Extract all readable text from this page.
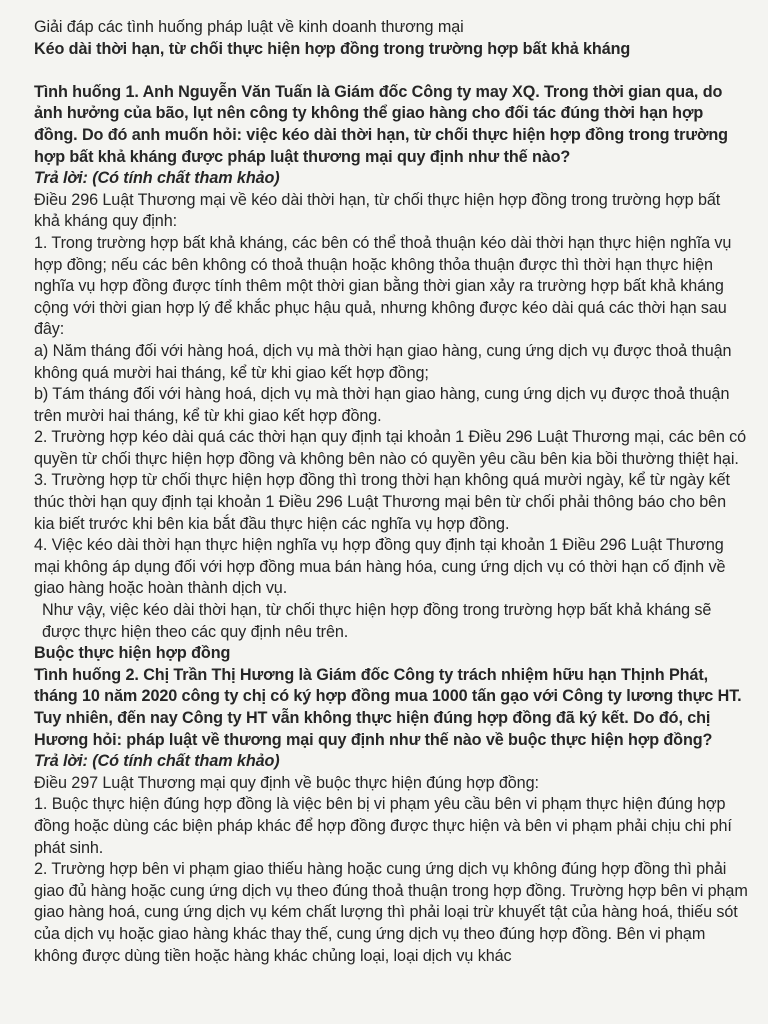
Giải đáp các tình huống pháp luật về kinh doanh thương mại

Kéo dài thời hạn, từ chối thực hiện hợp đồng trong trường hợp bất khả kháng

Tình huống 1. Anh Nguyễn Văn Tuấn là Giám đốc Công ty may XQ. Trong thời gian qua, do ảnh hưởng của bão, lụt nên công ty không thể giao hàng cho đối tác đúng thời hạn hợp đồng. Do đó anh muốn hỏi: việc kéo dài thời hạn, từ chối thực hiện hợp đồng trong trường hợp bất khả kháng được pháp luật thương mại quy định như thế nào?

Trả lời: (Có tính chất tham khảo)

Điều 296 Luật Thương mại về kéo dài thời hạn, từ chối thực hiện hợp đồng trong trường hợp bất khả kháng quy định:

1. Trong trường hợp bất khả kháng, các bên có thể thoả thuận kéo dài thời hạn thực hiện nghĩa vụ hợp đồng; nếu các bên không có thoả thuận hoặc không thỏa thuận được thì thời hạn thực hiện nghĩa vụ hợp đồng được tính thêm một thời gian bằng thời gian xảy ra trường hợp bất khả kháng cộng với thời gian hợp lý để khắc phục hậu quả, nhưng không được kéo dài quá các thời hạn sau đây:

a) Năm tháng đối với hàng hoá, dịch vụ mà thời hạn giao hàng, cung ứng dịch vụ được thoả thuận không quá mười hai tháng, kể từ khi giao kết hợp đồng;

b) Tám tháng đối với hàng hoá, dịch vụ mà thời hạn giao hàng, cung ứng dịch vụ được thoả thuận trên mười hai tháng, kể từ khi giao kết hợp đồng.

2. Trường hợp kéo dài quá các thời hạn quy định tại khoản 1 Điều 296 Luật Thương mại, các bên có quyền từ chối thực hiện hợp đồng và không bên nào có quyền yêu cầu bên kia bồi thường thiệt hại.

3. Trường hợp từ chối thực hiện hợp đồng thì trong thời hạn không quá mười ngày, kể từ ngày kết thúc thời hạn quy định tại khoản 1 Điều 296 Luật Thương mại bên từ chối phải thông báo cho bên kia biết trước khi bên kia bắt đầu thực hiện các nghĩa vụ hợp đồng.

4. Việc kéo dài thời hạn thực hiện nghĩa vụ hợp đồng quy định tại khoản 1 Điều 296 Luật Thương mại không áp dụng đối với hợp đồng mua bán hàng hóa, cung ứng dịch vụ có thời hạn cố định về giao hàng hoặc hoàn thành dịch vụ.

Như vậy, việc kéo dài thời hạn, từ chối thực hiện hợp đồng trong trường hợp bất khả kháng sẽ được thực hiện theo các quy định nêu trên.

Buộc thực hiện hợp đồng

Tình huống 2. Chị Trần Thị Hương là Giám đốc Công ty trách nhiệm hữu hạn Thịnh Phát, tháng 10 năm 2020 công ty chị có ký hợp đồng mua 1000 tấn gạo với Công ty lương thực HT. Tuy nhiên, đến nay Công ty HT vẫn không thực hiện đúng hợp đồng đã ký kết. Do đó, chị Hương hỏi: pháp luật về thương mại quy định như thế nào về buộc thực hiện hợp đồng?

Trả lời: (Có tính chất tham khảo)

Điều 297 Luật Thương mại quy định về buộc thực hiện đúng hợp đồng:

1. Buộc thực hiện đúng hợp đồng là việc bên bị vi phạm yêu cầu bên vi phạm thực hiện đúng hợp đồng hoặc dùng các biện pháp khác để hợp đồng được thực hiện và bên vi phạm phải chịu chi phí phát sinh.

2. Trường hợp bên vi phạm giao thiếu hàng hoặc cung ứng dịch vụ không đúng hợp đồng thì phải giao đủ hàng hoặc cung ứng dịch vụ theo đúng thoả thuận trong hợp đồng. Trường hợp bên vi phạm giao hàng hoá, cung ứng dịch vụ kém chất lượng thì phải loại trừ khuyết tật của hàng hoá, thiếu sót của dịch vụ hoặc giao hàng khác thay thế, cung ứng dịch vụ theo đúng hợp đồng. Bên vi phạm không được dùng tiền hoặc hàng khác chủng loại, loại dịch vụ khác
